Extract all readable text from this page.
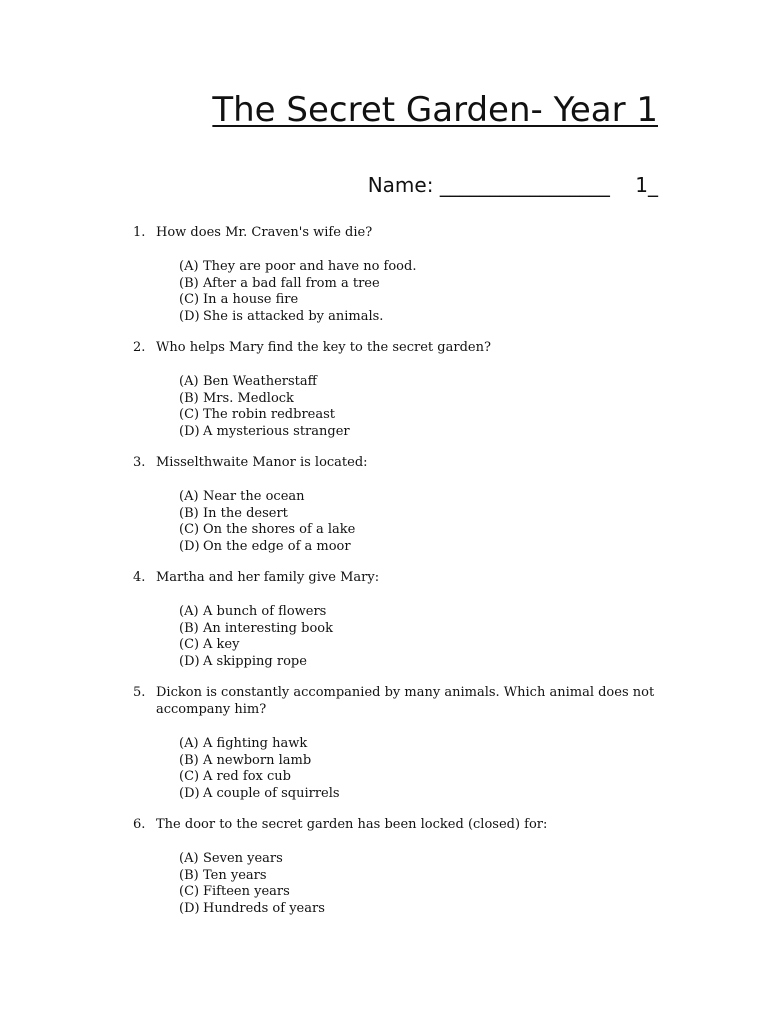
The Secret Garden- Year 1
Name: _________________ 1_
1. How does Mr. Craven's wife die?
(A) They are poor and have no food.
(B) After a bad fall from a tree
(C) In a house fire
(D) She is attacked by animals.
2. Who helps Mary find the key to the secret garden?
(A) Ben Weatherstaff
(B) Mrs. Medlock
(C) The robin redbreast
(D) A mysterious stranger
3. Misselthwaite Manor is located:
(A) Near the ocean
(B) In the desert
(C) On the shores of a lake
(D) On the edge of a moor
4. Martha and her family give Mary:
(A) A bunch of flowers
(B) An interesting book
(C) A key
(D) A skipping rope
5. Dickon is constantly accompanied by many animals. Which animal does not accompany him?
(A) A fighting hawk
(B) A newborn lamb
(C) A red fox cub
(D) A couple of squirrels
6. The door to the secret garden has been locked (closed) for:
(A) Seven years
(B) Ten years
(C) Fifteen years
(D) Hundreds of years
